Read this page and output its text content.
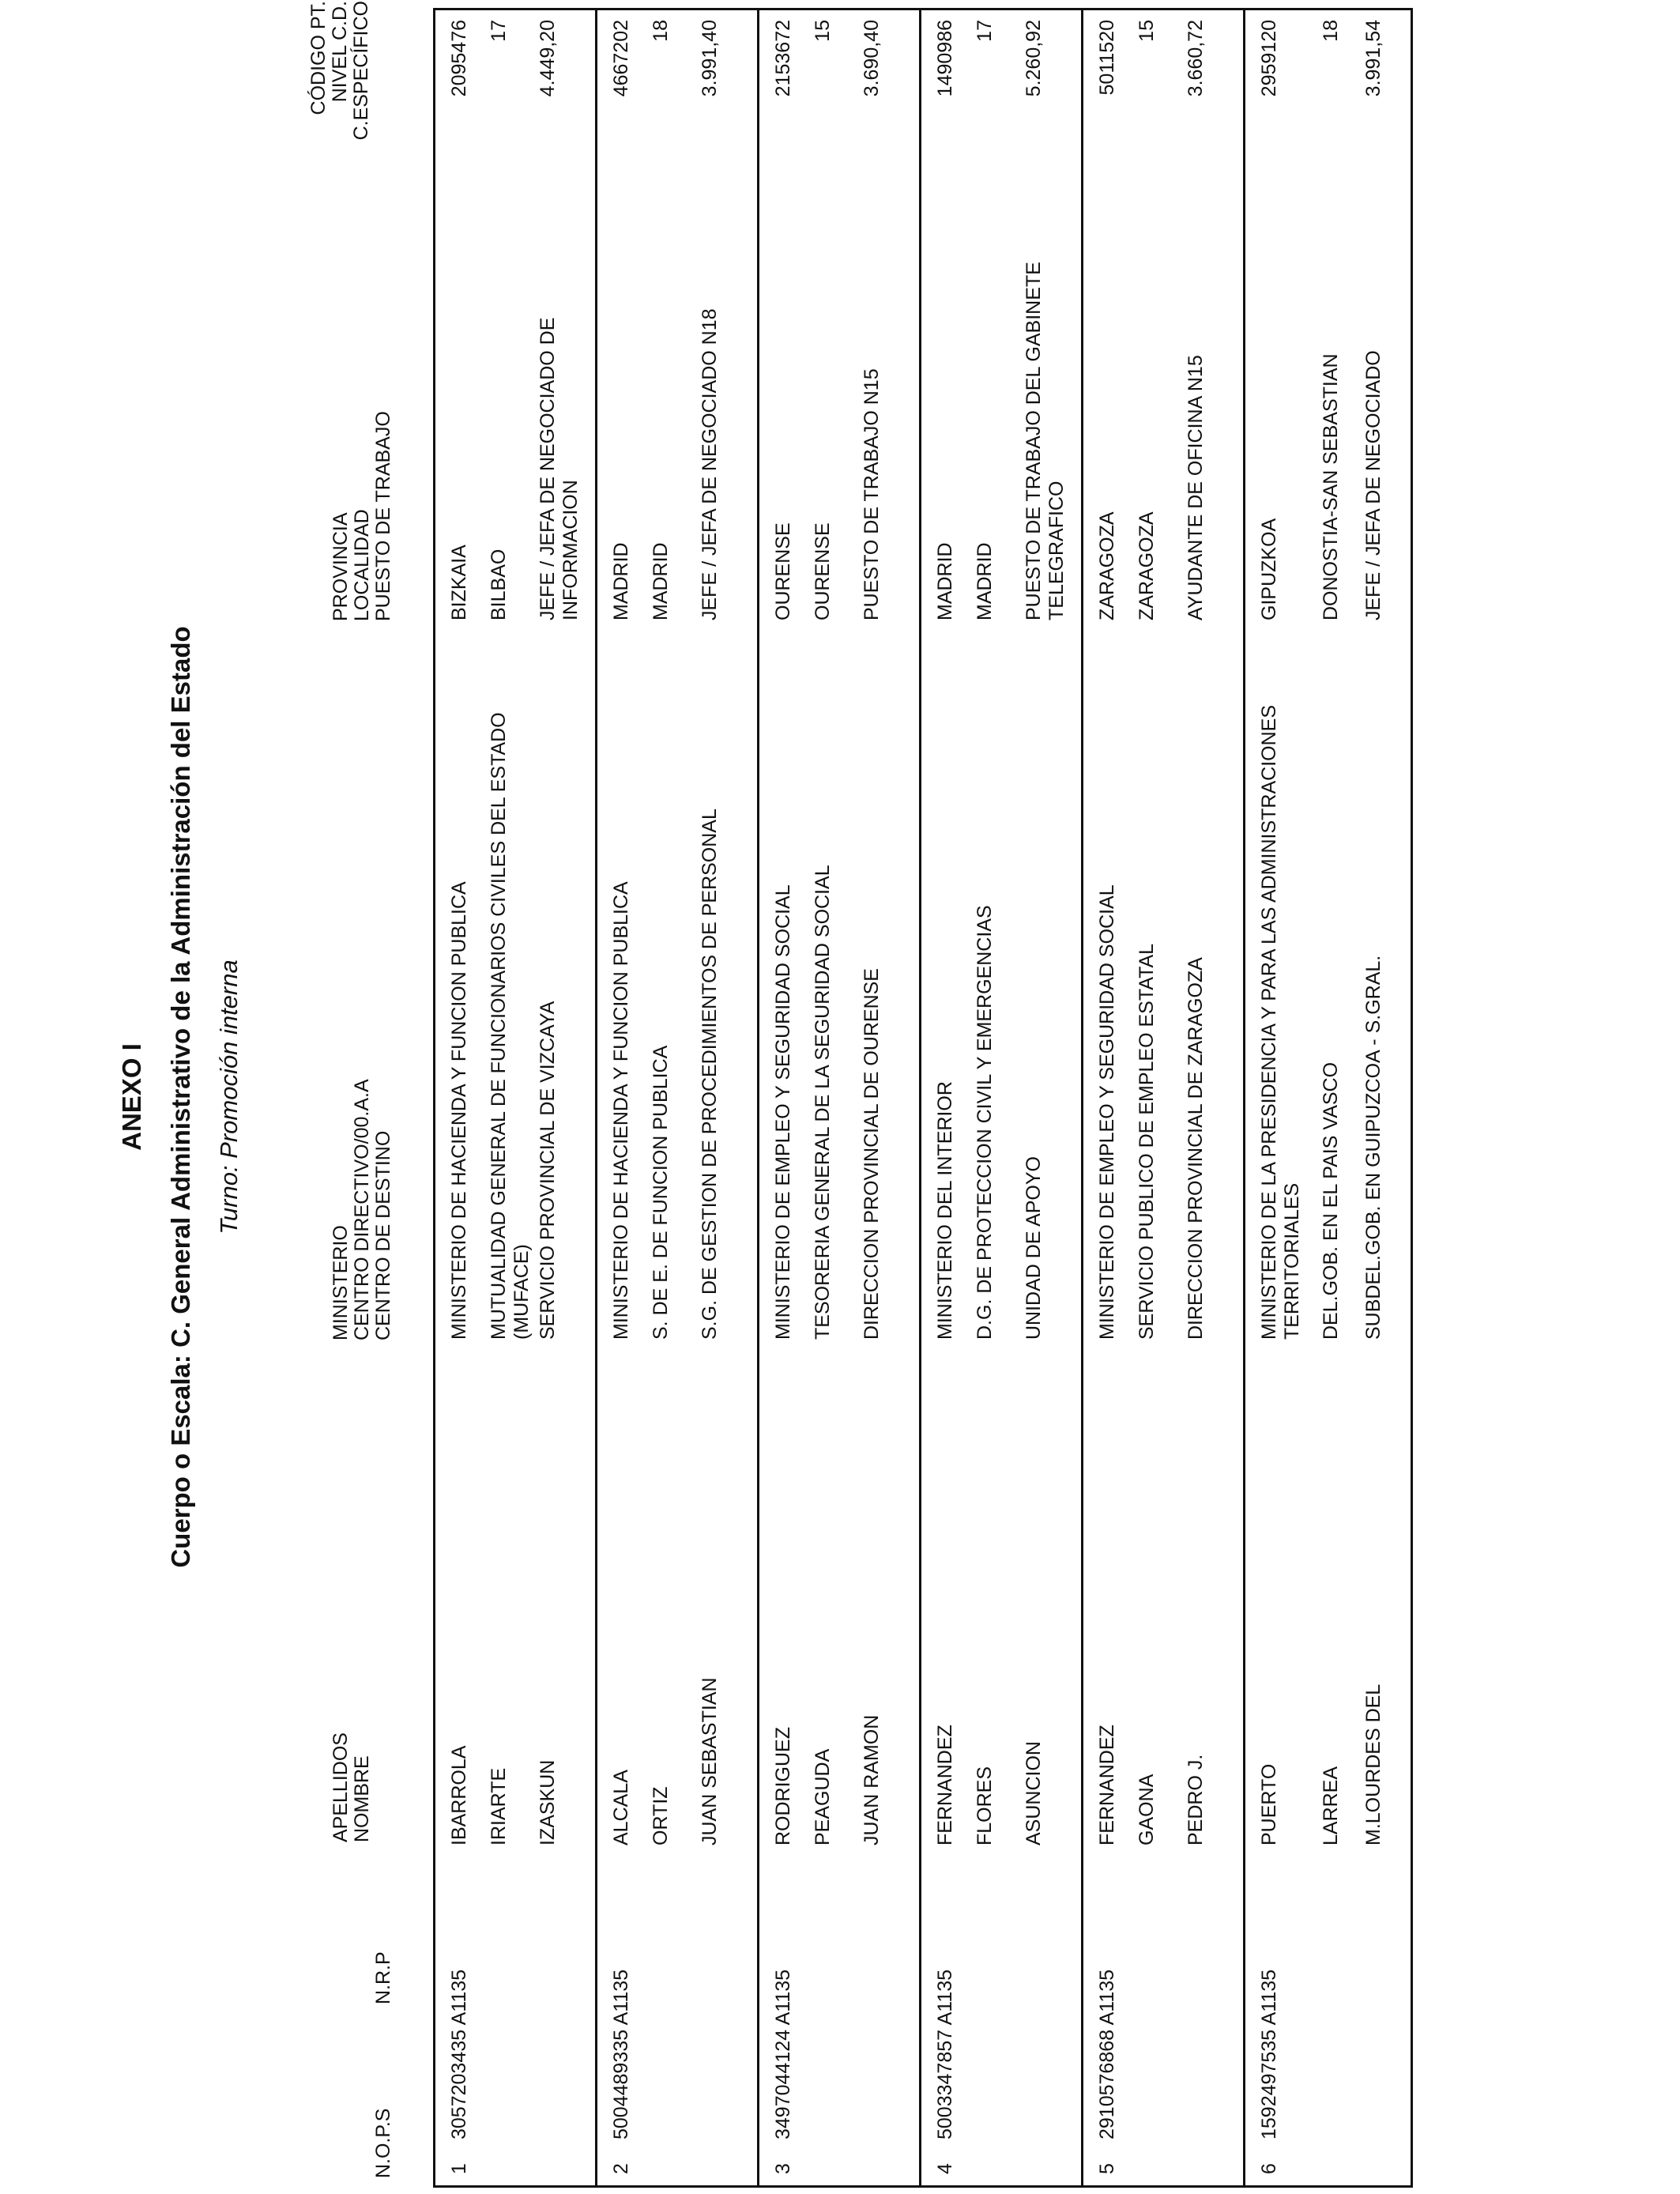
ANEXO I Cuerpo o Escala: C. General Administrativo de la Administración del Estado Turno: Promoción interna
N.O.P.S
N.R.P
APELLIDOS NOMBRE
MINISTERIO CENTRO DIRECTIVO/00.A.A CENTRO DE DESTINO
PROVINCIA LOCALIDAD PUESTO DE TRABAJO
CÓDIGO PT. NIVEL C.D. C.ESPECÍFICO
1
3057203435 A1135
IBARROLA IRIARTE IZASKUN
MINISTERIO DE HACIENDA Y FUNCION PUBLICA MUTUALIDAD GENERAL DE FUNCIONARIOS CIVILES DEL ESTADO (MUFACE) SERVICIO PROVINCIAL DE VIZCAYA
BIZKAIA BILBAO JEFE / JEFA DE NEGOCIADO DE INFORMACION
2095476 17 4.449,20
2
5004489335 A1135
ALCALA ORTIZ JUAN SEBASTIAN
MINISTERIO DE HACIENDA Y FUNCION PUBLICA S. DE E. DE FUNCION PUBLICA S.G. DE GESTION DE PROCEDIMIENTOS DE PERSONAL
MADRID MADRID JEFE / JEFA DE NEGOCIADO N18
4667202 18 3.991,40
3
3497044124 A1135
RODRIGUEZ PEAGUDA JUAN RAMON
MINISTERIO DE EMPLEO Y SEGURIDAD SOCIAL TESORERIA GENERAL DE LA SEGURIDAD SOCIAL DIRECCION PROVINCIAL DE OURENSE
OURENSE OURENSE PUESTO DE TRABAJO N15
2153672 15 3.690,40
4
5003347857 A1135
FERNANDEZ FLORES ASUNCION
MINISTERIO DEL INTERIOR D.G. DE PROTECCION CIVIL Y EMERGENCIAS UNIDAD DE APOYO
MADRID MADRID PUESTO DE TRABAJO DEL GABINETE TELEGRAFICO
1490986 17 5.260,92
5
2910576868 A1135
FERNANDEZ GAONA PEDRO J.
MINISTERIO DE EMPLEO Y SEGURIDAD SOCIAL SERVICIO PUBLICO DE EMPLEO ESTATAL DIRECCION PROVINCIAL DE ZARAGOZA
ZARAGOZA ZARAGOZA AYUDANTE DE OFICINA N15
5011520 15 3.660,72
6
1592497535 A1135
PUERTO LARREA M.LOURDES DEL
MINISTERIO DE LA PRESIDENCIA Y PARA LAS ADMINISTRACIONES TERRITORIALES DEL.GOB. EN EL PAIS VASCO SUBDEL.GOB. EN GUIPUZCOA - S.GRAL.
GIPUZKOA DONOSTIA-SAN SEBASTIAN JEFE / JEFA DE NEGOCIADO
2959120 18 3.991,54
